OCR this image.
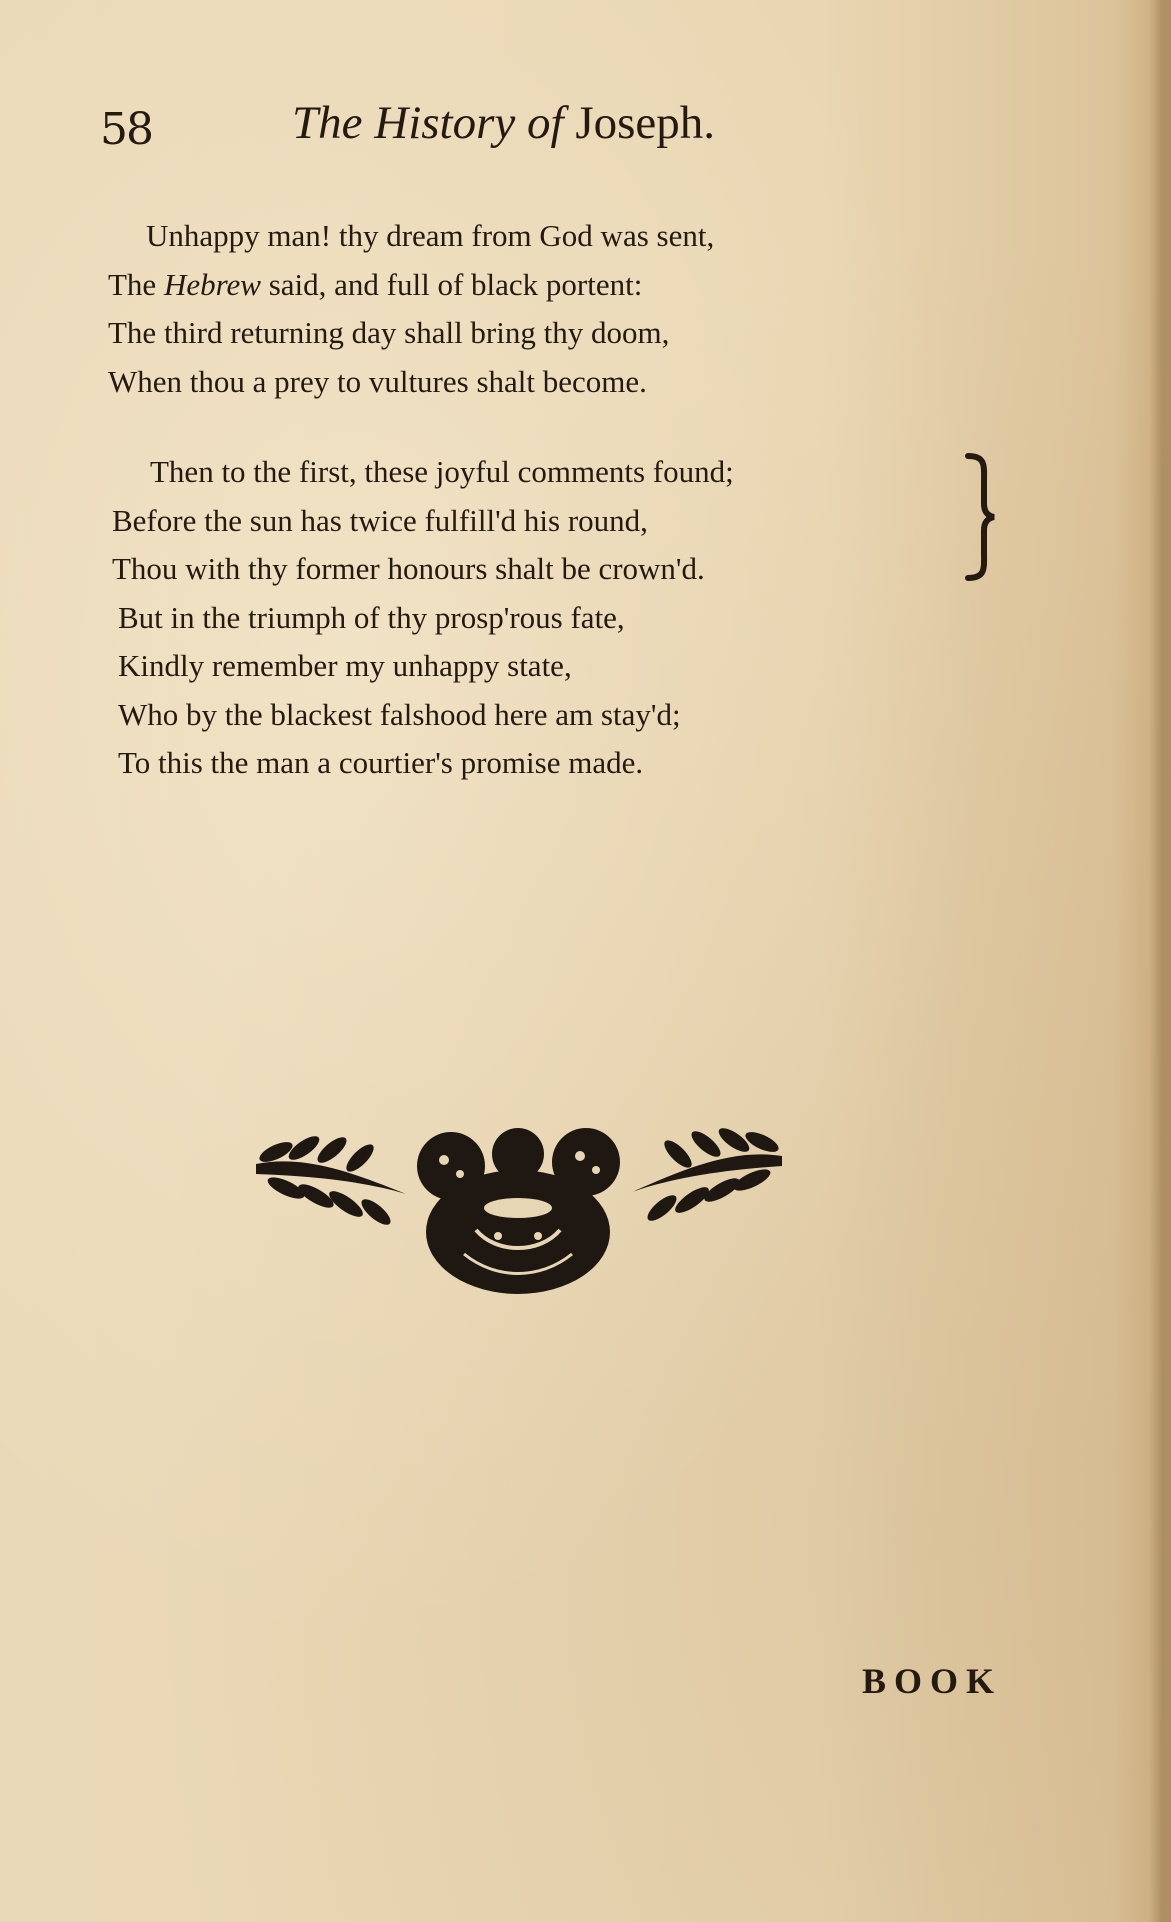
58	The History of Joseph.
Unhappy man! thy dream from God was sent,
The Hebrew said, and full of black portent:
The third returning day shall bring thy doom,
When thou a prey to vultures shalt become.
Then to the first, these joyful comments found;
Before the sun has twice fulfill'd his round,
Thou with thy former honours shalt be crown'd.
But in the triumph of thy prosp'rous fate,
Kindly remember my unhappy state,
Who by the blackest falshood here am stay'd;
To this the man a courtier's promise made.
BOOK
